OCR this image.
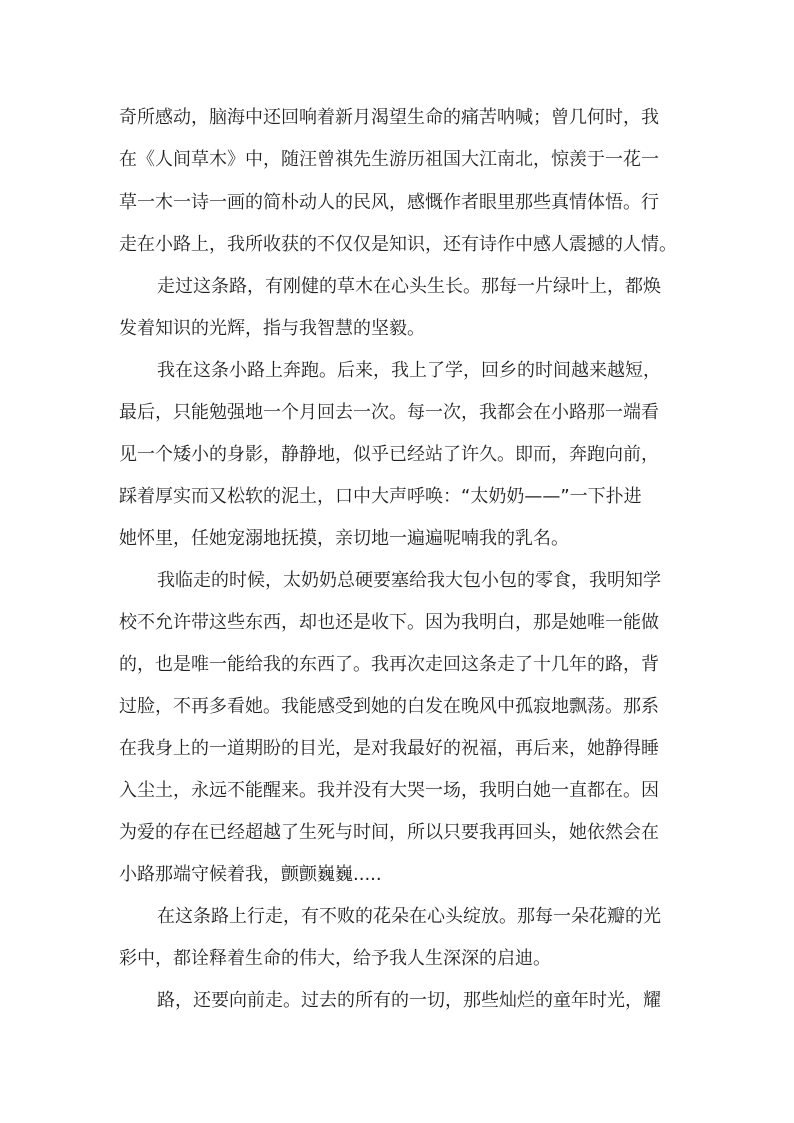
奇所感动，脑海中还回响着新月渴望生命的痛苦呐喊；曾几何时，我
在《人间草木》中，随汪曾祺先生游历祖国大江南北，惊羡于一花一
草一木一诗一画的简朴动人的民风，感慨作者眼里那些真情体悟。行
走在小路上，我所收获的不仅仅是知识，还有诗作中感人震撼的人情。
走过这条路，有刚健的草木在心头生长。那每一片绿叶上，都焕
发着知识的光辉，指与我智慧的坚毅。
我在这条小路上奔跑。后来，我上了学，回乡的时间越来越短，
最后，只能勉强地一个月回去一次。每一次，我都会在小路那一端看
见一个矮小的身影，静静地，似乎已经站了许久。即而，奔跑向前，
踩着厚实而又松软的泥土，口中大声呼唤：“太奶奶——”一下扑进
她怀里，任她宠溺地抚摸，亲切地一遍遍呢喃我的乳名。
我临走的时候，太奶奶总硬要塞给我大包小包的零食，我明知学
校不允许带这些东西，却也还是收下。因为我明白，那是她唯一能做
的，也是唯一能给我的东西了。我再次走回这条走了十几年的路，背
过脸，不再多看她。我能感受到她的白发在晚风中孤寂地飘荡。那系
在我身上的一道期盼的目光，是对我最好的祝福，再后来，她静得睡
入尘土，永远不能醒来。我并没有大哭一场，我明白她一直都在。因
为爱的存在已经超越了生死与时间，所以只要我再回头，她依然会在
小路那端守候着我，颤颤巍巍.....
在这条路上行走，有不败的花朵在心头绽放。那每一朵花瓣的光
彩中，都诠释着生命的伟大，给予我人生深深的启迪。
路，还要向前走。过去的所有的一切，那些灿烂的童年时光，耀
